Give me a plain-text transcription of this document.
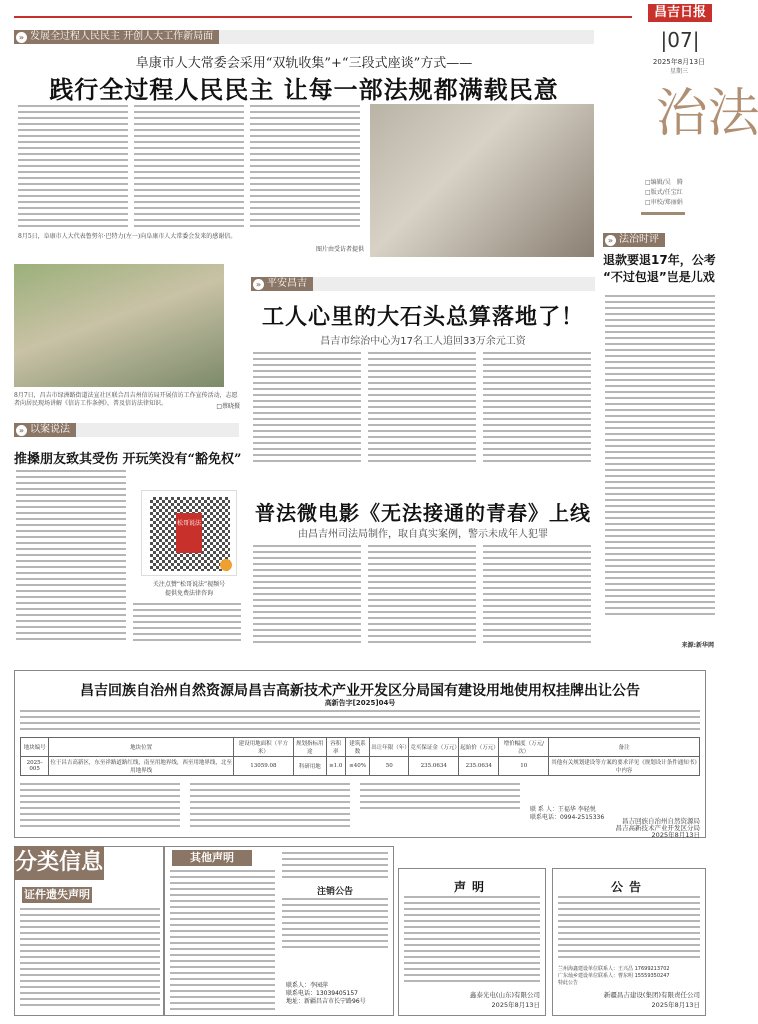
昌吉日报
|07|
2025年8月13日
星期三
» 发展全过程人民民主 开创人大工作新局面
阜康市人大常委会采用“双轨收集”+“三段式座谈”方式——
践行全过程人民民主 让每一部法规都满载民意
8月5日，阜康市人大代表鲁努尔·巴特力(左一)向阜康市人大常委会发来的感谢信。
图片由受访者提供
法治
□编辑/吴　腾
□版式/任宝红
□审校/郑丽娟
» 法治时评
退款要退17年，公考
“不过包退”岂是儿戏
来源:新华网
8月7日，昌吉市绿洲路街道法宣社区联合昌吉州信访局开展信访工作宣传活动，志愿者向居民现场讲解《信访工作条例》，普及信访法律知识。	□蔡晓摄
» 平安昌吉
工人心里的大石头总算落地了！
昌吉市综治中心为17名工人追回33万余元工资
» 以案说法
推搡朋友致其受伤 开玩笑没有“豁免权”
松哥说法
关注点赞“松哥说法”视频号
提供免费法律咨询
普法微电影《无法接通的青春》上线
由昌吉州司法局制作，取自真实案例，警示未成年人犯罪
昌吉回族自治州自然资源局昌吉高新技术产业开发区分局国有建设用地使用权挂牌出让公告
高新告字[2025]04号
地块编号	地块位置	建设用地面积（平方米）	规划指标用途	容积率	建筑系数	出让年限（年）	竞买保证金（万元）	起始价（万元）	增价幅度（万元/次）	备注
2025-005	位于昌吉高新区，东至祥路道路红线，南至用地界线，西至用地界线，北至用地界线	13059.08	科研用地	≥1.0	≤40%	50	235.0634	235.0634	10	其他有关规划建设等方案的要求详见《规划设计条件通知书》中内容
联 系 人：王福华 李轻悦
联系电话：0994-2515336	昌吉回族自治州自然资源局
昌吉高新技术产业开发区分局
2025年8月13日
分类信息
证件遗失声明
其他声明
注销公告
联系人：李园萍
联系电话：13039405157
地址：新疆昌吉市长宁路96号
声明
鑫泰光电(山东)有限公司
2025年8月13日
公告
兰州海鑫建设单位联系人：王兴昌 17699213702
广东灿乡建设单位联系人：曹东明 15559350247
特此公告
新疆昌吉建设(集团)有限责任公司
2025年8月13日
